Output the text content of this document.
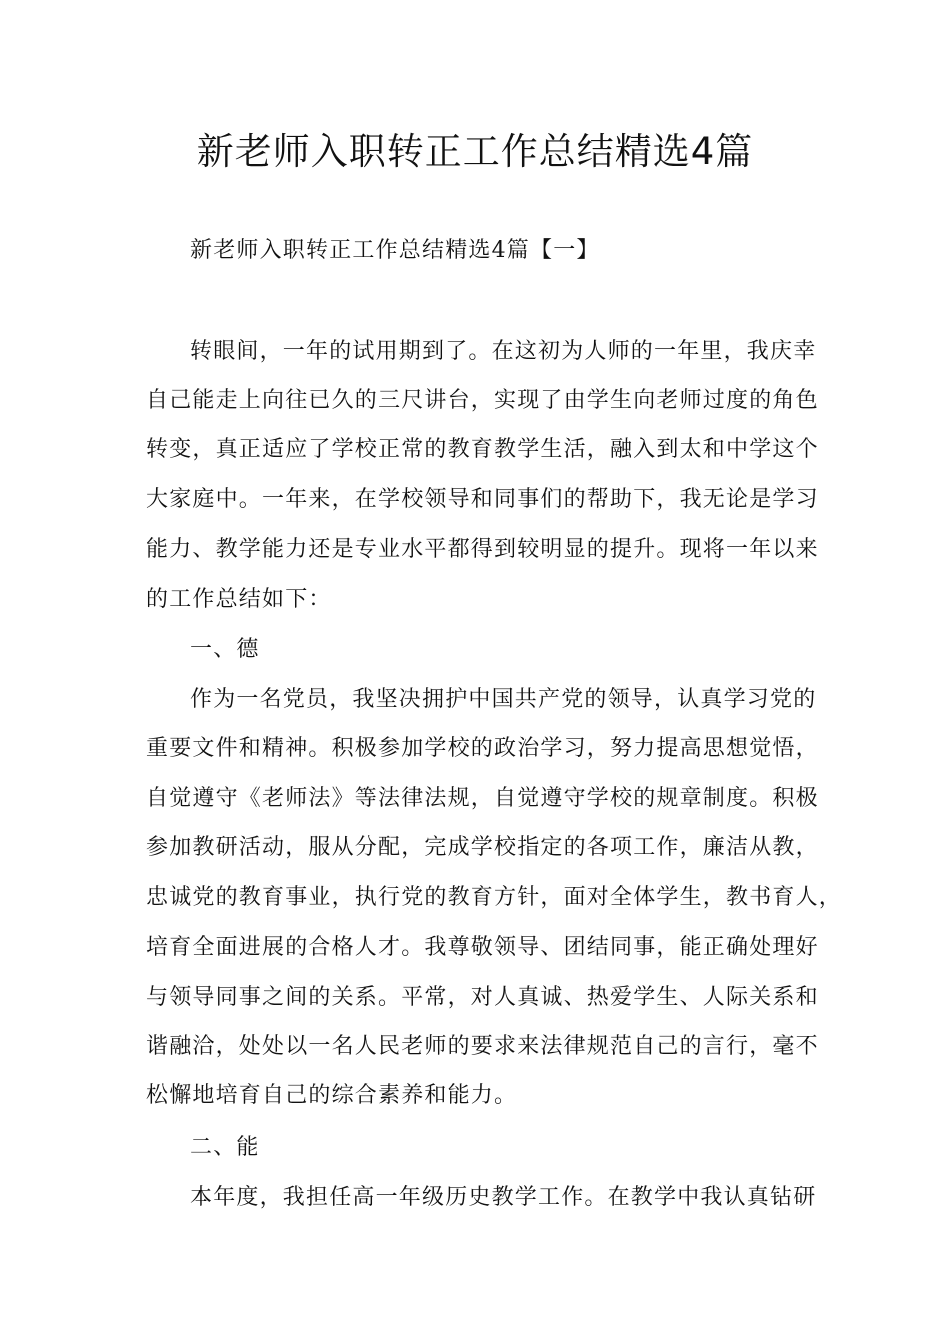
新老师入职转正工作总结精选4篇
新老师入职转正工作总结精选4篇【一】
转眼间，一年的试用期到了。在这初为人师的一年里，我庆幸
自己能走上向往已久的三尺讲台，实现了由学生向老师过度的角色
转变，真正适应了学校正常的教育教学生活，融入到太和中学这个
大家庭中。一年来，在学校领导和同事们的帮助下，我无论是学习
能力、教学能力还是专业水平都得到较明显的提升。现将一年以来
的工作总结如下：
一、德
作为一名党员，我坚决拥护中国共产党的领导，认真学习党的
重要文件和精神。积极参加学校的政治学习，努力提高思想觉悟，
自觉遵守《老师法》等法律法规，自觉遵守学校的规章制度。积极
参加教研活动，服从分配，完成学校指定的各项工作，廉洁从教，
忠诚党的教育事业，执行党的教育方针，面对全体学生，教书育人，
培育全面进展的合格人才。我尊敬领导、团结同事，能正确处理好
与领导同事之间的关系。平常，对人真诚、热爱学生、人际关系和
谐融洽，处处以一名人民老师的要求来法律规范自己的言行，毫不
松懈地培育自己的综合素养和能力。
二、能
本年度，我担任高一年级历史教学工作。在教学中我认真钻研
